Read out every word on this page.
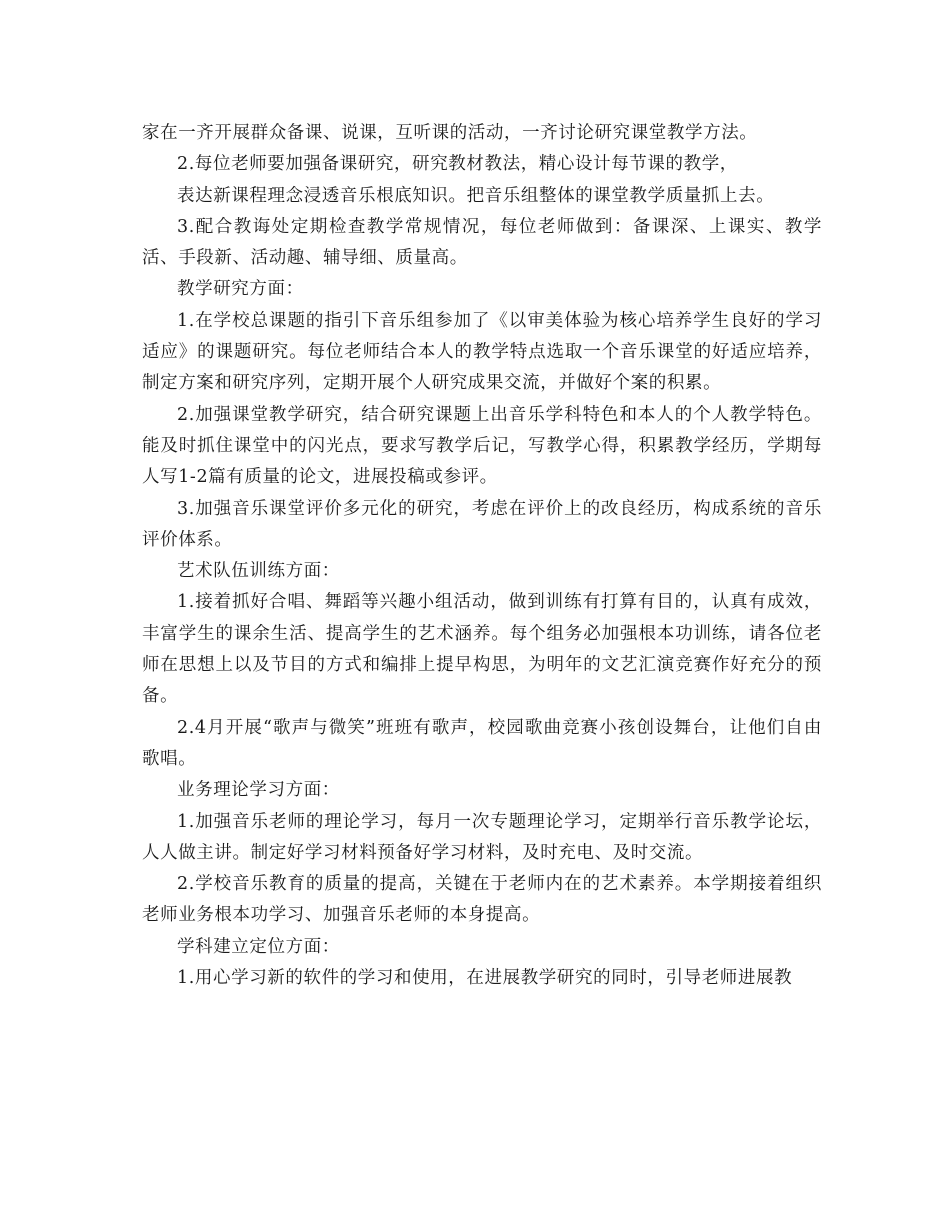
家在一齐开展群众备课、说课，互听课的活动，一齐讨论研究课堂教学方法。

2.每位老师要加强备课研究，研究教材教法，精心设计每节课的教学，

表达新课程理念浸透音乐根底知识。把音乐组整体的课堂教学质量抓上去。

3.配合教诲处定期检查教学常规情况，每位老师做到：备课深、上课实、教学活、手段新、活动趣、辅导细、质量高。

教学研究方面：

1.在学校总课题的指引下音乐组参加了《以审美体验为核心培养学生良好的学习适应》的课题研究。每位老师结合本人的教学特点选取一个音乐课堂的好适应培养，制定方案和研究序列，定期开展个人研究成果交流，并做好个案的积累。

2.加强课堂教学研究，结合研究课题上出音乐学科特色和本人的个人教学特色。能及时抓住课堂中的闪光点，要求写教学后记，写教学心得，积累教学经历，学期每人写1-2篇有质量的论文，进展投稿或参评。

3.加强音乐课堂评价多元化的研究，考虑在评价上的改良经历，构成系统的音乐评价体系。

艺术队伍训练方面：

1.接着抓好合唱、舞蹈等兴趣小组活动，做到训练有打算有目的，认真有成效，丰富学生的课余生活、提高学生的艺术涵养。每个组务必加强根本功训练，请各位老师在思想上以及节目的方式和编排上提早构思，为明年的文艺汇演竞赛作好充分的预备。

2.4月开展“歌声与微笑”班班有歌声，校园歌曲竞赛小孩创设舞台，让他们自由歌唱。

业务理论学习方面：

1.加强音乐老师的理论学习，每月一次专题理论学习，定期举行音乐教学论坛，人人做主讲。制定好学习材料预备好学习材料，及时充电、及时交流。

2.学校音乐教育的质量的提高，关键在于老师内在的艺术素养。本学期接着组织老师业务根本功学习、加强音乐老师的本身提高。

学科建立定位方面：

1.用心学习新的软件的学习和使用，在进展教学研究的同时，引导老师进展教
